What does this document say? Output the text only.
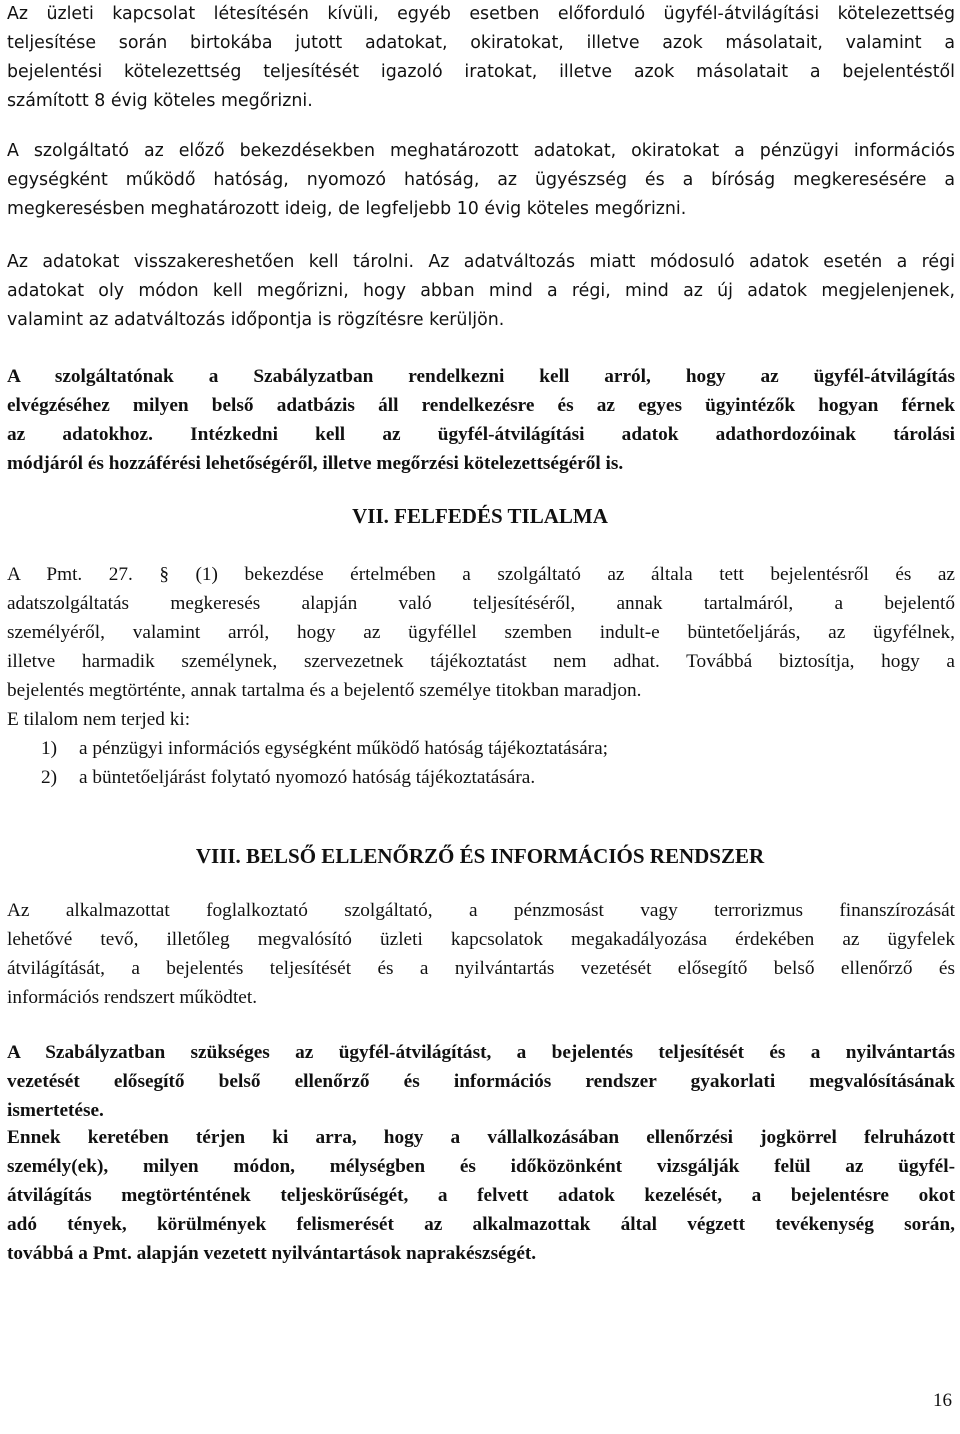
Az üzleti kapcsolat létesítésén kívüli, egyéb esetben előforduló ügyfél-átvilágítási kötelezettség
teljesítése során birtokába jutott adatokat, okiratokat, illetve azok másolatait, valamint a
bejelentési kötelezettség teljesítését igazoló iratokat, illetve azok másolatait a bejelentéstől
számított 8 évig köteles megőrizni.
A szolgáltató az előző bekezdésekben meghatározott adatokat, okiratokat a pénzügyi információs
egységként működő hatóság, nyomozó hatóság, az ügyészség és a bíróság megkeresésére a
megkeresésben meghatározott ideig, de legfeljebb 10 évig köteles megőrizni.
Az adatokat visszakereshetően kell tárolni. Az adatváltozás miatt módosuló adatok esetén a régi
adatokat oly módon kell megőrizni, hogy abban mind a régi, mind az új adatok megjelenjenek,
valamint az adatváltozás időpontja is rögzítésre kerüljön.
A szolgáltatónak a Szabályzatban rendelkezni kell arról, hogy az ügyfél-átvilágítás
elvégzéséhez milyen belső adatbázis áll rendelkezésre és az egyes ügyintézők hogyan férnek
az adatokhoz. Intézkedni kell az ügyfél-átvilágítási adatok adathordozóinak tárolási
módjáról és hozzáférési lehetőségéről, illetve megőrzési kötelezettségéről is.
VII. FELFEDÉS TILALMA
A Pmt. 27. § (1) bekezdése értelmében a szolgáltató az általa tett bejelentésről és az
adatszolgáltatás megkeresés alapján való teljesítéséről, annak tartalmáról, a bejelentő
személyéről, valamint arról, hogy az ügyféllel szemben indult-e büntetőeljárás, az ügyfélnek,
illetve harmadik személynek, szervezetnek tájékoztatást nem adhat. Továbbá biztosítja, hogy a
bejelentés megtörténte, annak tartalma és a bejelentő személye titokban maradjon.
E tilalom nem terjed ki:
1) a pénzügyi információs egységként működő hatóság tájékoztatására;
2) a büntetőeljárást folytató nyomozó hatóság tájékoztatására.
VIII. BELSŐ ELLENŐRZŐ ÉS INFORMÁCIÓS RENDSZER
Az alkalmazottat foglalkoztató szolgáltató, a pénzmosást vagy terrorizmus finanszírozását
lehetővé tevő, illetőleg megvalósító üzleti kapcsolatok megakadályozása érdekében az ügyfelek
átvilágítását, a bejelentés teljesítését és a nyilvántartás vezetését elősegítő belső ellenőrző és
információs rendszert működtet.
A Szabályzatban szükséges az ügyfél-átvilágítást, a bejelentés teljesítését és a nyilvántartás
vezetését elősegítő belső ellenőrző és információs rendszer gyakorlati megvalósításának
ismertetése.
Ennek keretében térjen ki arra, hogy a vállalkozásában ellenőrzési jogkörrel felruházott
személy(ek), milyen módon, mélységben és időközönként vizsgálják felül az ügyfél-
átvilágítás megtörténtének teljeskörűségét, a felvett adatok kezelését, a bejelentésre okot
adó tények, körülmények felismerését az alkalmazottak által végzett tevékenység során,
továbbá a Pmt. alapján vezetett nyilvántartások naprakészségét.
16
